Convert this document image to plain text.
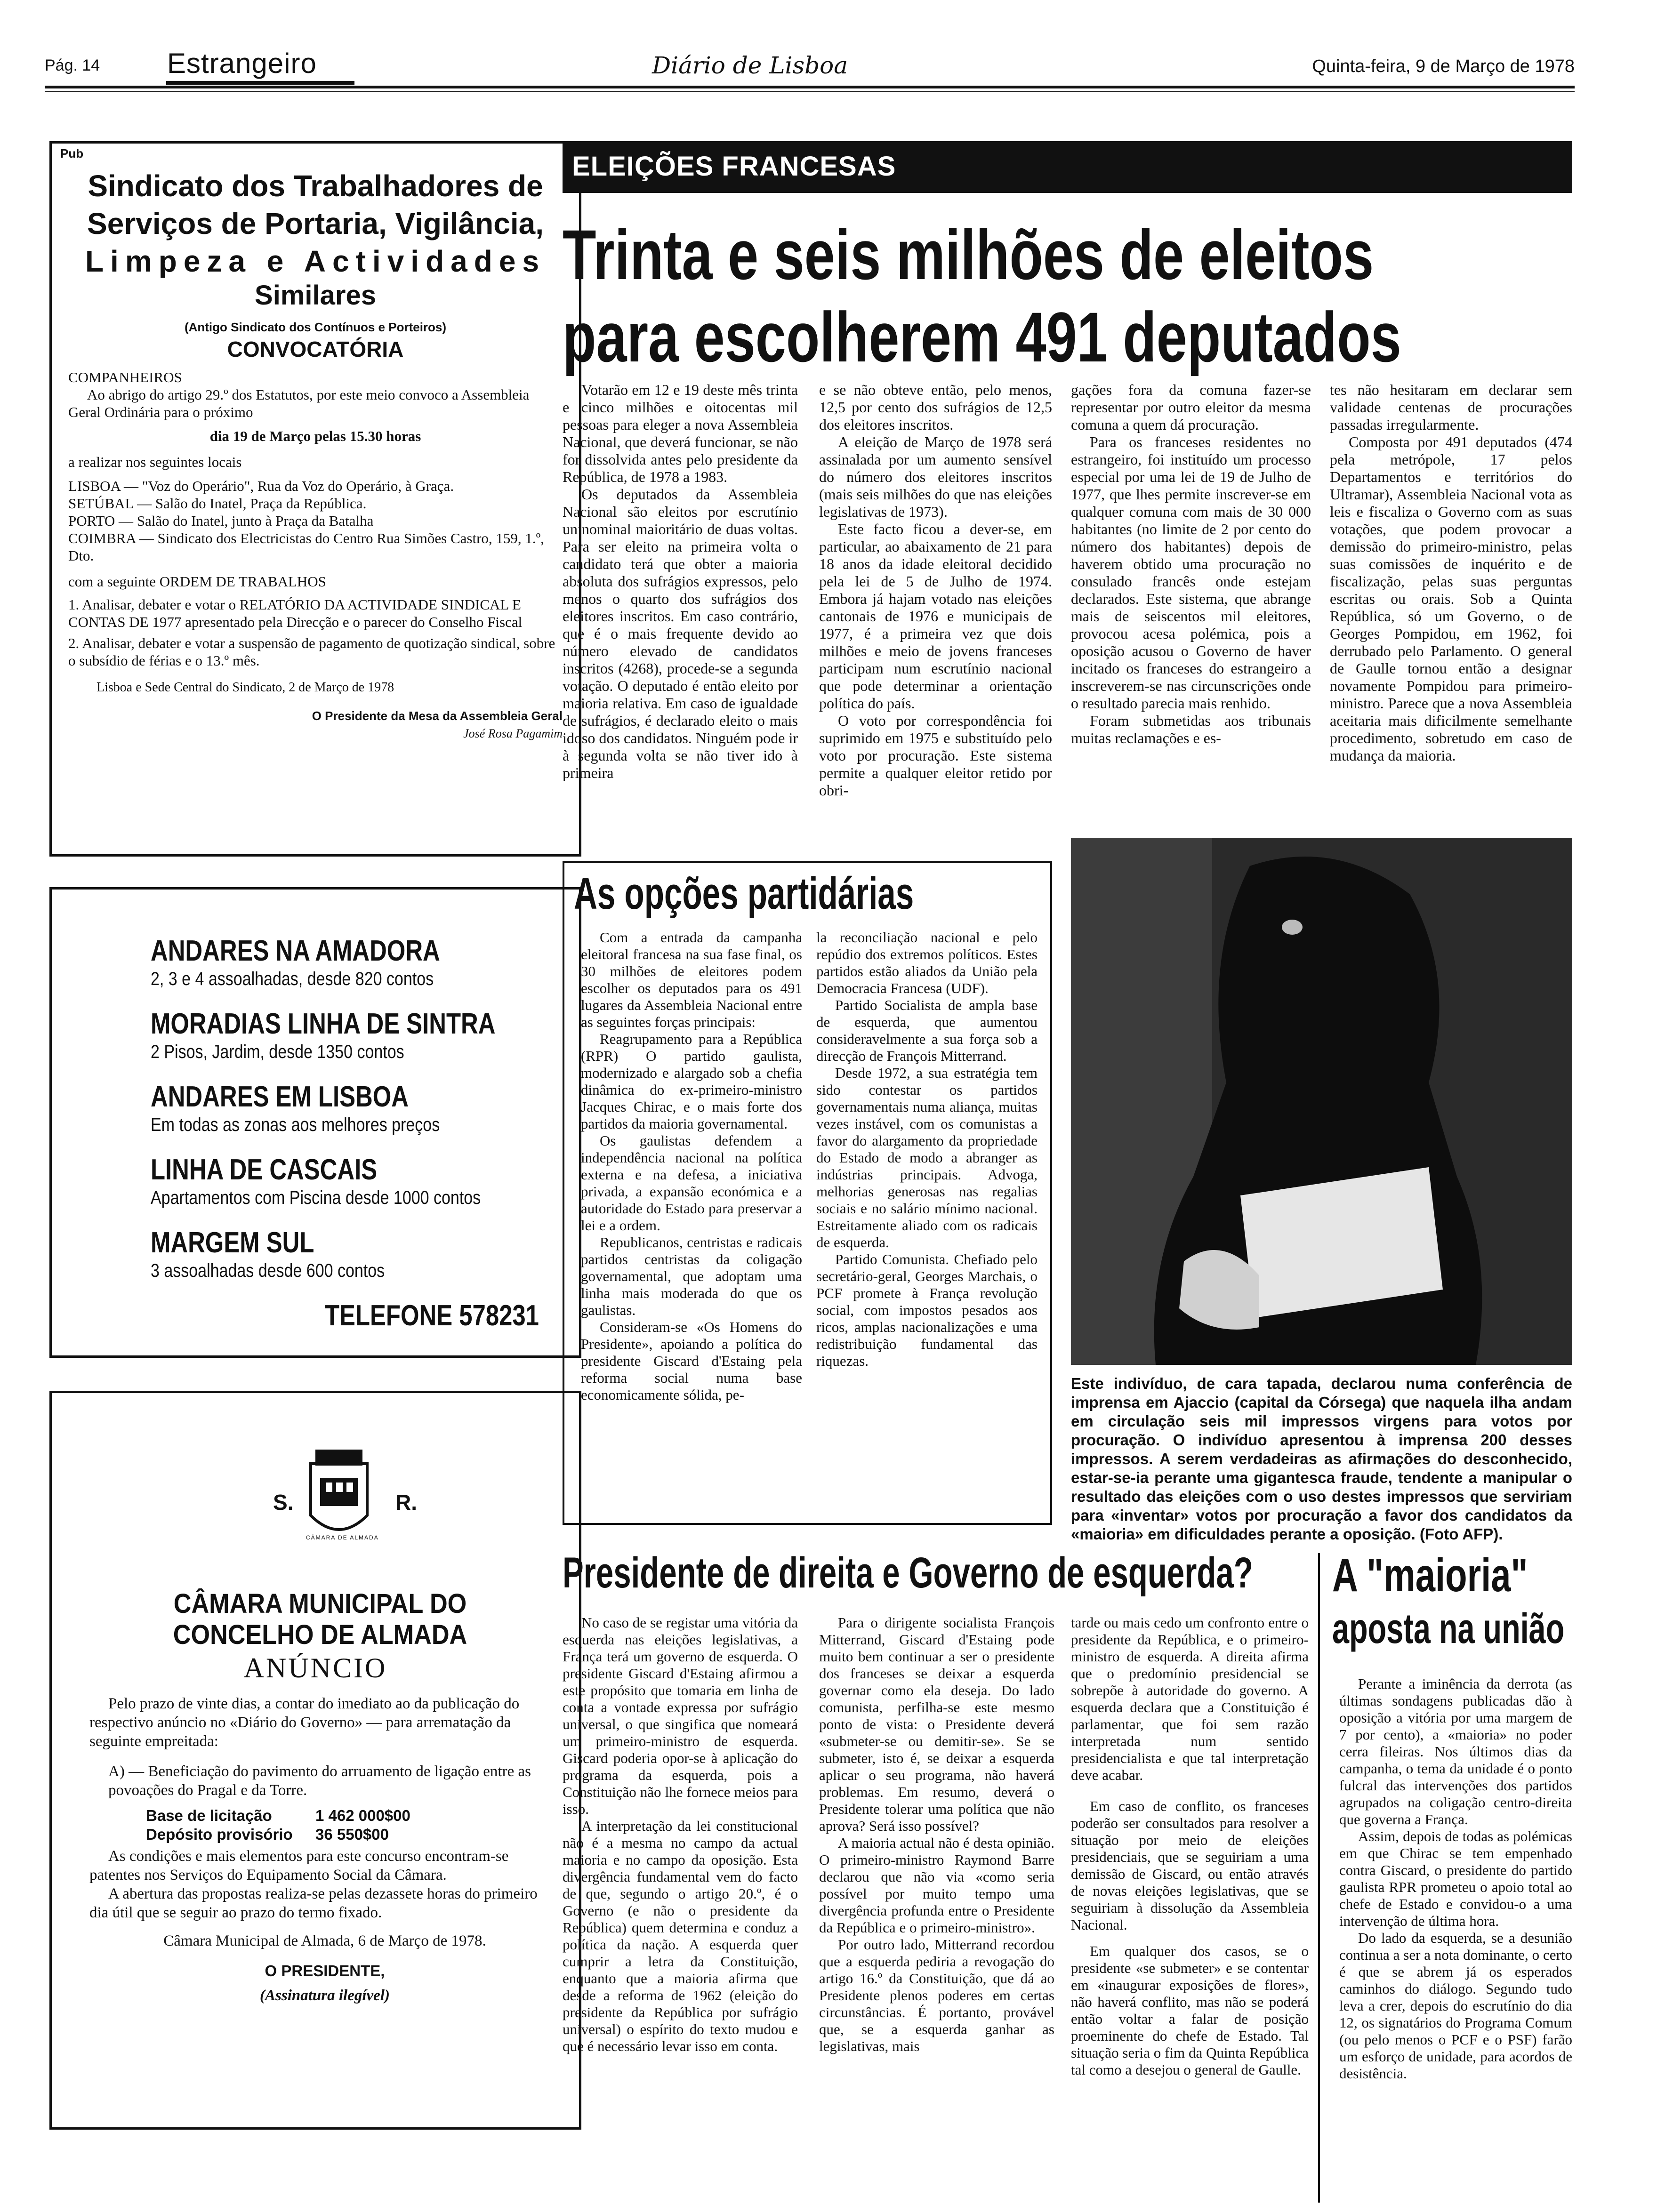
Pág. 14 Estrangeiro	Diário de Lisboa	Quinta-feira, 9 de Março de 1978
Pub
Sindicato dos Trabalhadores de
Serviços de Portaria, Vigilância,
Limpeza e Actividades
Similares
(Antigo Sindicato dos Contínuos e Porteiros)
CONVOCATÓRIA

COMPANHEIROS

Ao abrigo do artigo 29.º dos Estatutos, por este meio convoco a Assembleia Geral Ordinária para o próximo

dia 19 de Março pelas 15.30 horas

a realizar nos seguintes locais

LISBOA — "Voz do Operário", Rua da Voz do Operário, à Graça.

SETÚBAL — Salão do Inatel, Praça da República.

PORTO — Salão do Inatel, junto à Praça da Batalha

COIMBRA — Sindicato dos Electricistas do Centro Rua Simões Castro, 159, 1.º, Dto.

com a seguinte ORDEM DE TRABALHOS

1. Analisar, debater e votar o RELATÓRIO DA ACTIVIDADE SINDICAL E CONTAS DE 1977 apresentado pela Direcção e o parecer do Conselho Fiscal

2. Analisar, debater e votar a suspensão de pagamento de quotização sindical, sobre o subsídio de férias e o 13.º mês.

Lisboa e Sede Central do Sindicato, 2 de Março de 1978

O Presidente da Mesa da Assembleia Geral

José Rosa Pagamim

ANDARES NA AMADORA
2, 3 e 4 assoalhadas, desde 820 contos
MORADIAS LINHA DE SINTRA
2 Pisos, Jardim, desde 1350 contos
ANDARES EM LISBOA
Em todas as zonas aos melhores preços
LINHA DE CASCAIS
Apartamentos com Piscina desde 1000 contos
MARGEM SUL
3 assoalhadas desde 600 contos
TELEFONE 578231
S.
CÂMARA DE ALMADA
R.
CÂMARA MUNICIPAL DO CONCELHO DE ALMADA
ANÚNCIO

Pelo prazo de vinte dias, a contar do imediato ao da publicação do respectivo anúncio no «Diário do Governo» — para arrematação da seguinte empreitada:

A) — Beneficiação do pavimento do arruamento de ligação entre as povoações do Pragal e da Torre.

Base de licitação	1 462 000$00
Depósito provisório	36 550$00

As condições e mais elementos para este concurso encontram-se patentes nos Serviços do Equipamento Social da Câmara.

A abertura das propostas realiza-se pelas dezassete horas do primeiro dia útil que se seguir ao prazo do termo fixado.

Câmara Municipal de Almada, 6 de Março de 1978.

O PRESIDENTE,

(Assinatura ilegível)

ELEIÇÕES FRANCESAS
Trinta e seis milhões de eleitos
para escolherem 491 deputados

Votarão em 12 e 19 deste mês trinta e cinco milhões e oitocentas mil pessoas para eleger a nova Assembleia Nacional, que deverá funcionar, se não for dissolvida antes pelo presidente da República, de 1978 a 1983.

Os deputados da Assembleia Nacional são eleitos por escrutínio uninominal maioritário de duas voltas. Para ser eleito na primeira volta o candidato terá que obter a maioria absoluta dos sufrágios expressos, pelo menos o quarto dos sufrágios dos eleitores inscritos. Em caso contrário, que é o mais frequente devido ao número elevado de candidatos inscritos (4268), procede-se a segunda votação. O deputado é então eleito por maioria relativa. Em caso de igualdade de sufrágios, é declarado eleito o mais idoso dos candidatos. Ninguém pode ir à segunda volta se não tiver ido à primeira

e se não obteve então, pelo menos, 12,5 por cento dos sufrágios de 12,5 dos eleitores inscritos.

A eleição de Março de 1978 será assinalada por um aumento sensível do número dos eleitores inscritos (mais seis milhões do que nas eleições legislativas de 1973).

Este facto ficou a dever-se, em particular, ao abaixamento de 21 para 18 anos da idade eleitoral decidido pela lei de 5 de Julho de 1974. Embora já hajam votado nas eleições cantonais de 1976 e municipais de 1977, é a primeira vez que dois milhões e meio de jovens franceses participam num escrutínio nacional que pode determinar a orientação política do país.

O voto por correspondência foi suprimido em 1975 e substituído pelo voto por procuração. Este sistema permite a qualquer eleitor retido por obri-

gações fora da comuna fazer-se representar por outro eleitor da mesma comuna a quem dá procuração.

Para os franceses residentes no estrangeiro, foi instituído um processo especial por uma lei de 19 de Julho de 1977, que lhes permite inscrever-se em qualquer comuna com mais de 30 000 habitantes (no limite de 2 por cento do número dos habitantes) depois de haverem obtido uma procuração no consulado francês onde estejam declarados. Este sistema, que abrange mais de seiscentos mil eleitores, provocou acesa polémica, pois a oposição acusou o Governo de haver incitado os franceses do estrangeiro a inscreverem-se nas circunscrições onde o resultado parecia mais renhido.

Foram submetidas aos tribunais muitas reclamações e es-

tes não hesitaram em declarar sem validade centenas de procurações passadas irregularmente.

Composta por 491 deputados (474 pela metrópole, 17 pelos Departamentos e territórios do Ultramar), Assembleia Nacional vota as leis e fiscaliza o Governo com as suas votações, que podem provocar a demissão do primeiro-ministro, pelas suas comissões de inquérito e de fiscalização, pelas suas perguntas escritas ou orais. Sob a Quinta República, só um Governo, o de Georges Pompidou, em 1962, foi derrubado pelo Parlamento. O general de Gaulle tornou então a designar novamente Pompidou para primeiro-ministro. Parece que a nova Assembleia aceitaria mais dificilmente semelhante procedimento, sobretudo em caso de mudança da maioria.

As opções partidárias

Com a entrada da campanha eleitoral francesa na sua fase final, os 30 milhões de eleitores podem escolher os deputados para os 491 lugares da Assembleia Nacional entre as seguintes forças principais:

Reagrupamento para a República (RPR) O partido gaulista, modernizado e alargado sob a chefia dinâmica do ex-primeiro-ministro Jacques Chirac, e o mais forte dos partidos da maioria governamental.

Os gaulistas defendem a independência nacional na política externa e na defesa, a iniciativa privada, a expansão económica e a autoridade do Estado para preservar a lei e a ordem.

Republicanos, centristas e radicais partidos centristas da coligação governamental, que adoptam uma linha mais moderada do que os gaulistas.

Consideram-se «Os Homens do Presidente», apoiando a política do presidente Giscard d'Estaing pela reforma social numa base economicamente sólida, pe-

la reconciliação nacional e pelo repúdio dos extremos políticos. Estes partidos estão aliados da União pela Democracia Francesa (UDF).

Partido Socialista de ampla base de esquerda, que aumentou consideravelmente a sua força sob a direcção de François Mitterrand.

Desde 1972, a sua estratégia tem sido contestar os partidos governamentais numa aliança, muitas vezes instável, com os comunistas a favor do alargamento da propriedade do Estado de modo a abranger as indústrias principais. Advoga, melhorias generosas nas regalias sociais e no salário mínimo nacional. Estreitamente aliado com os radicais de esquerda.

Partido Comunista. Chefiado pelo secretário-geral, Georges Marchais, o PCF promete à França revolução social, com impostos pesados aos ricos, amplas nacionalizações e uma redistribuição fundamental das riquezas.

Este indivíduo, de cara tapada, declarou numa conferência de imprensa em Ajaccio (capital da Córsega) que naquela ilha andam em circulação seis mil impressos virgens para votos por procuração. O indivíduo apresentou à imprensa 200 desses impressos. A serem verdadeiras as afirmações do desconhecido, estar-se-ia perante uma gigantesca fraude, tendente a manipular o resultado das eleições com o uso destes impressos que serviriam para «inventar» votos por procuração a favor dos candidatos da «maioria» em dificuldades perante a oposição. (Foto AFP).
Presidente de direita e Governo de esquerda?

No caso de se registar uma vitória da esquerda nas eleições legislativas, a França terá um governo de esquerda. O presidente Giscard d'Estaing afirmou a este propósito que tomaria em linha de conta a vontade expressa por sufrágio universal, o que singifica que nomeará um primeiro-ministro de esquerda. Giscard poderia opor-se à aplicação do programa da esquerda, pois a Constituição não lhe fornece meios para isso.

A interpretação da lei constitucional não é a mesma no campo da actual maioria e no campo da oposição. Esta divergência fundamental vem do facto de que, segundo o artigo 20.º, é o Governo (e não o presidente da República) quem determina e conduz a política da nação. A esquerda quer cumprir a letra da Constituição, enquanto que a maioria afirma que desde a reforma de 1962 (eleição do presidente da República por sufrágio universal) o espírito do texto mudou e que é necessário levar isso em conta.

Para o dirigente socialista François Mitterrand, Giscard d'Estaing pode muito bem continuar a ser o presidente dos franceses se deixar a esquerda governar como ela deseja. Do lado comunista, perfilha-se este mesmo ponto de vista: o Presidente deverá «submeter-se ou demitir-se». Se se submeter, isto é, se deixar a esquerda aplicar o seu programa, não haverá problemas. Em resumo, deverá o Presidente tolerar uma política que não aprova? Será isso possível?

A maioria actual não é desta opinião. O primeiro-ministro Raymond Barre declarou que não via «como seria possível por muito tempo uma divergência profunda entre o Presidente da República e o primeiro-ministro».

Por outro lado, Mitterrand recordou que a esquerda pediria a revogação do artigo 16.º da Constituição, que dá ao Presidente plenos poderes em certas circunstâncias. É portanto, provável que, se a esquerda ganhar as legislativas, mais

tarde ou mais cedo um confronto entre o presidente da República, e o primeiro-ministro de esquerda. A direita afirma que o predomínio presidencial se sobrepõe à autoridade do governo. A esquerda declara que a Constituição é parlamentar, que foi sem razão interpretada num sentido presidencialista e que tal interpretação deve acabar.

Em caso de conflito, os franceses poderão ser consultados para resolver a situação por meio de eleições presidenciais, que se seguiriam a uma demissão de Giscard, ou então através de novas eleições legislativas, que se seguiriam à dissolução da Assembleia Nacional.

Em qualquer dos casos, se o presidente «se submeter» e se contentar em «inaugurar exposições de flores», não haverá conflito, mas não se poderá então voltar a falar de posição proeminente do chefe de Estado. Tal situação seria o fim da Quinta República tal como a desejou o general de Gaulle.

A "maioria"
aposta na união

Perante a iminência da derrota (as últimas sondagens publicadas dão à oposição a vitória por uma margem de 7 por cento), a «maioria» no poder cerra fileiras. Nos últimos dias da campanha, o tema da unidade é o ponto fulcral das intervenções dos partidos agrupados na coligação centro-direita que governa a França.

Assim, depois de todas as polémicas em que Chirac se tem empenhado contra Giscard, o presidente do partido gaulista RPR prometeu o apoio total ao chefe de Estado e convidou-o a uma intervenção de última hora.

Do lado da esquerda, se a desunião continua a ser a nota dominante, o certo é que se abrem já os esperados caminhos do diálogo. Segundo tudo leva a crer, depois do escrutínio do dia 12, os signatários do Programa Comum (ou pelo menos o PCF e o PSF) farão um esforço de unidade, para acordos de desistência.
